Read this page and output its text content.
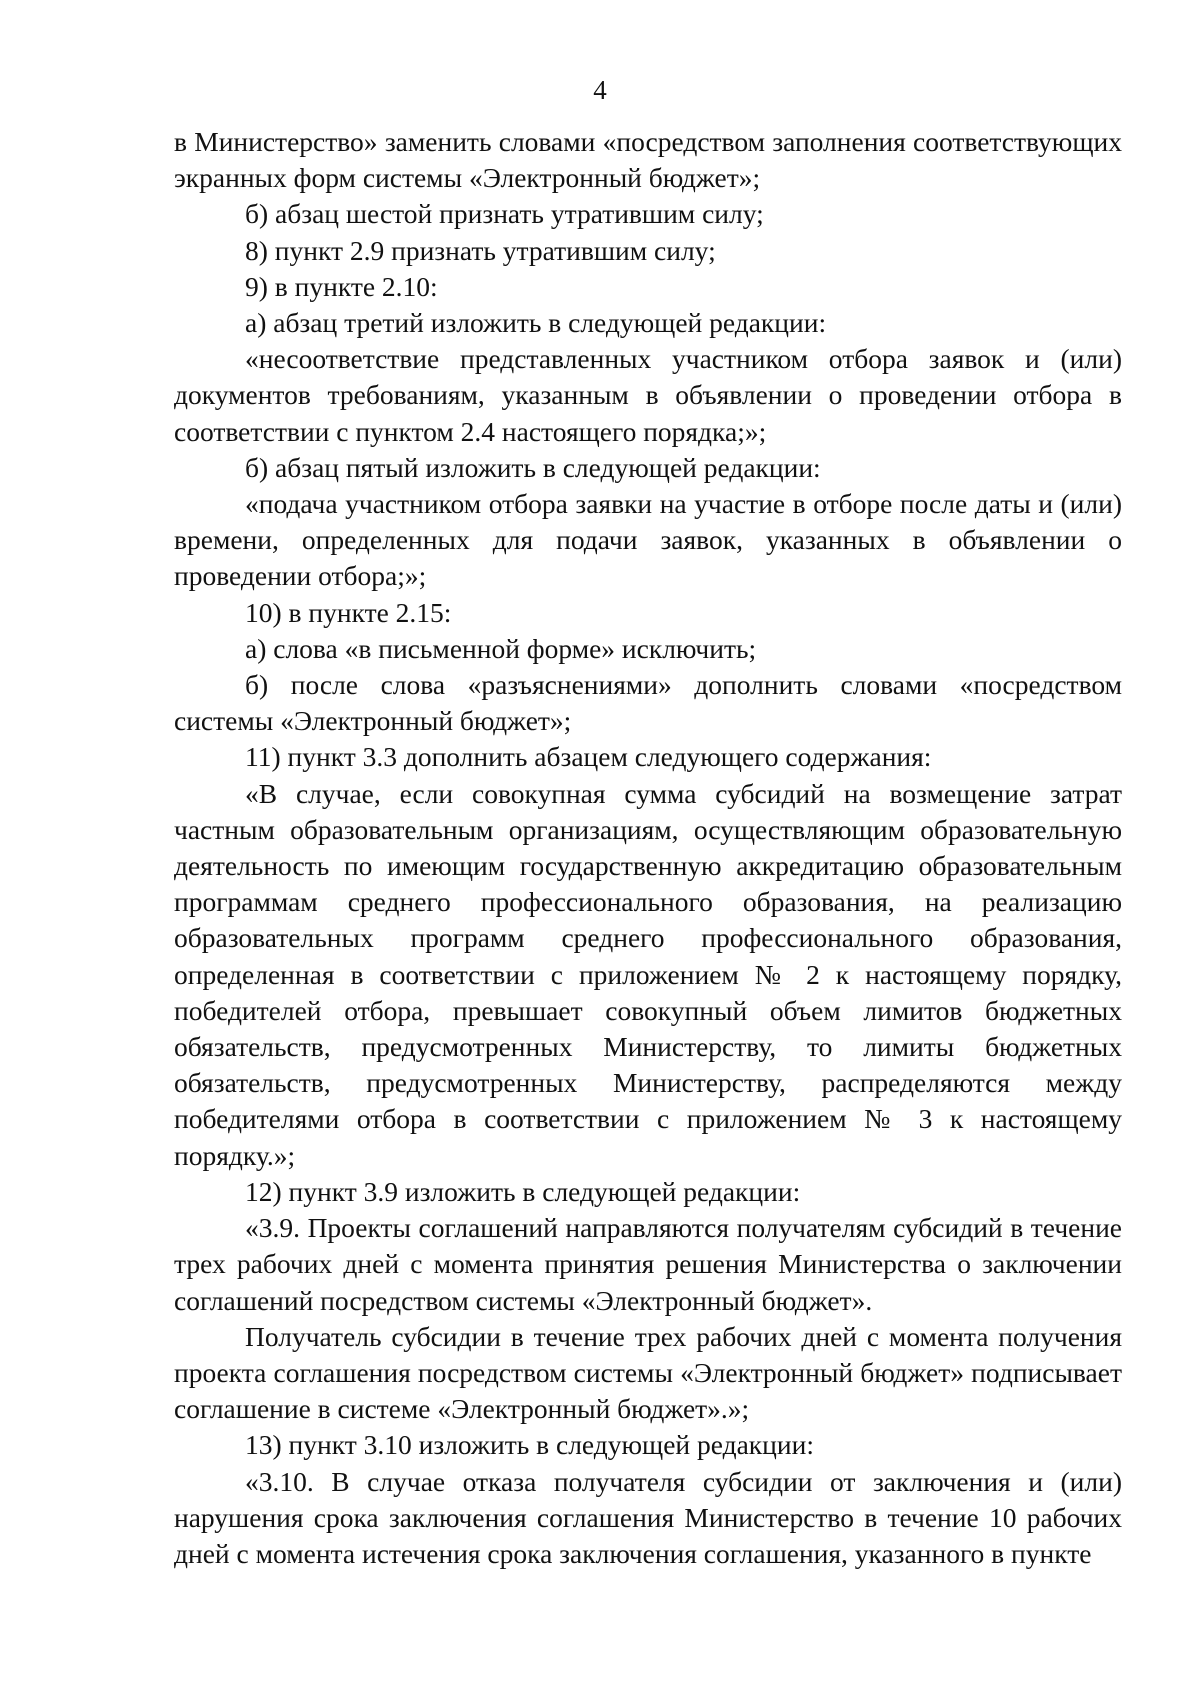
4

в Министерство» заменить словами «посредством заполнения соответствующих экранных форм системы «Электронный бюджет»;

б) абзац шестой признать утратившим силу;

8) пункт 2.9 признать утратившим силу;

9) в пункте 2.10:

а) абзац третий изложить в следующей редакции:

«несоответствие представленных участником отбора заявок и (или) документов требованиям, указанным в объявлении о проведении отбора в соответствии с пунктом 2.4 настоящего порядка;»;

б) абзац пятый изложить в следующей редакции:

«подача участником отбора заявки на участие в отборе после даты и (или) времени, определенных для подачи заявок, указанных в объявлении о проведении отбора;»;

10) в пункте 2.15:

а) слова «в письменной форме» исключить;

б) после слова «разъяснениями» дополнить словами «посредством системы «Электронный бюджет»;

11) пункт 3.3 дополнить абзацем следующего содержания:

«В случае, если совокупная сумма субсидий на возмещение затрат частным образовательным организациям, осуществляющим образовательную деятельность по имеющим государственную аккредитацию образовательным программам среднего профессионального образования, на реализацию образовательных программ среднего профессионального образования, определенная в соответствии с приложением № 2 к настоящему порядку, победителей отбора, превышает совокупный объем лимитов бюджетных обязательств, предусмотренных Министерству, то лимиты бюджетных обязательств, предусмотренных Министерству, распределяются между победителями отбора в соответствии с приложением № 3 к настоящему порядку.»;

12) пункт 3.9 изложить в следующей редакции:

«3.9. Проекты соглашений направляются получателям субсидий в течение трех рабочих дней с момента принятия решения Министерства о заключении соглашений посредством системы «Электронный бюджет».

Получатель субсидии в течение трех рабочих дней с момента получения проекта соглашения посредством системы «Электронный бюджет» подписывает соглашение в системе «Электронный бюджет».»;

13) пункт 3.10 изложить в следующей редакции:

«3.10. В случае отказа получателя субсидии от заключения и (или) нарушения срока заключения соглашения Министерство в течение 10 рабочих дней с момента истечения срока заключения соглашения, указанного в пункте
